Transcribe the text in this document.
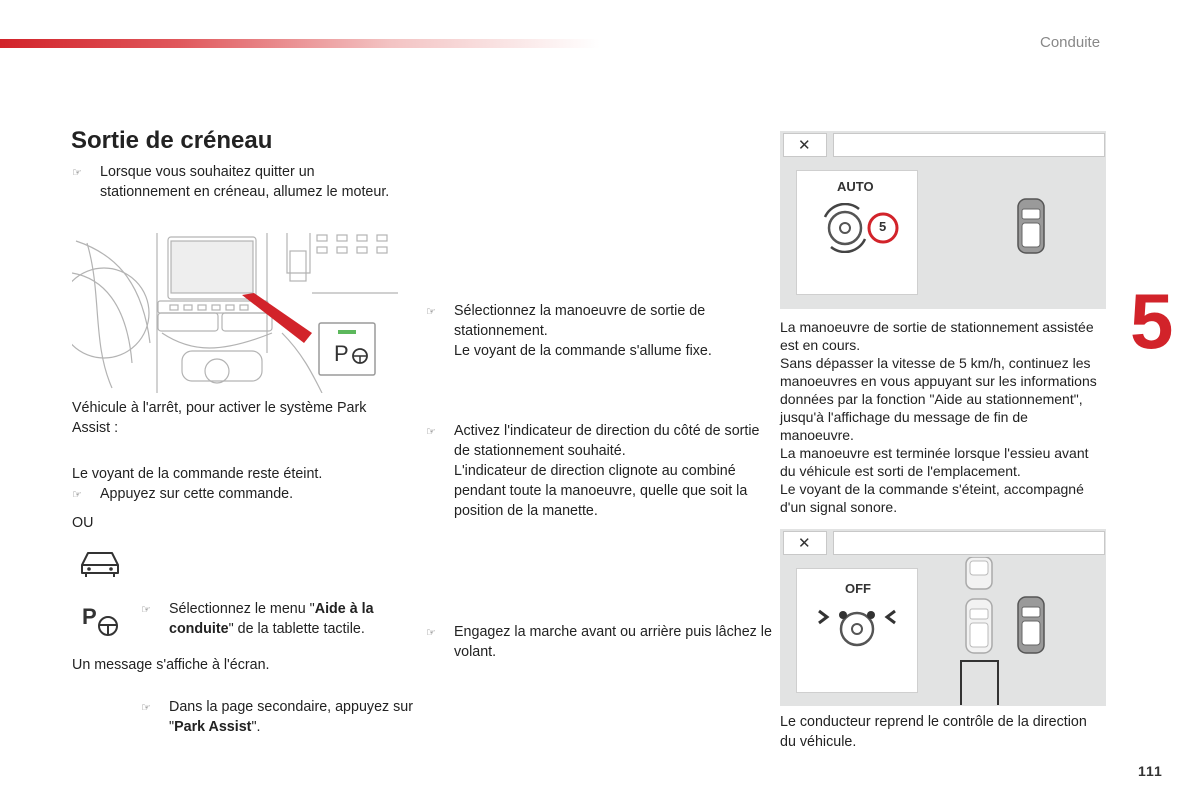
Conduite
Sortie de créneau
☞ Lorsque vous souhaitez quitter un stationnement en créneau, allumez le moteur.
P
Véhicule à l'arrêt, pour activer le système Park Assist :
☞ Appuyez sur cette commande.
Le voyant de la commande reste éteint.
OU
☞ Sélectionnez le menu "Aide à la conduite" de la tablette tactile.
P
☞ Dans la page secondaire, appuyez sur "Park Assist".
Un message s'affiche à l'écran.
☞ Sélectionnez la manoeuvre de sortie de stationnement.
Le voyant de la commande s'allume fixe.
☞ Activez l'indicateur de direction du côté de sortie de stationnement souhaité.
L'indicateur de direction clignote au combiné pendant toute la manoeuvre, quelle que soit la position de la manette.
☞ Engagez la marche avant ou arrière puis lâchez le volant.
✕
AUTO
5
La manoeuvre de sortie de stationnement assistée est en cours.
Sans dépasser la vitesse de 5 km/h, continuez les manoeuvres en vous appuyant sur les informations données par la fonction "Aide au stationnement", jusqu'à l'affichage du message de fin de manoeuvre.
La manoeuvre est terminée lorsque l'essieu avant du véhicule est sorti de l'emplacement.
Le voyant de la commande s'éteint, accompagné d'un signal sonore.
✕
OFF
Le conducteur reprend le contrôle de la direction du véhicule.
5
111
